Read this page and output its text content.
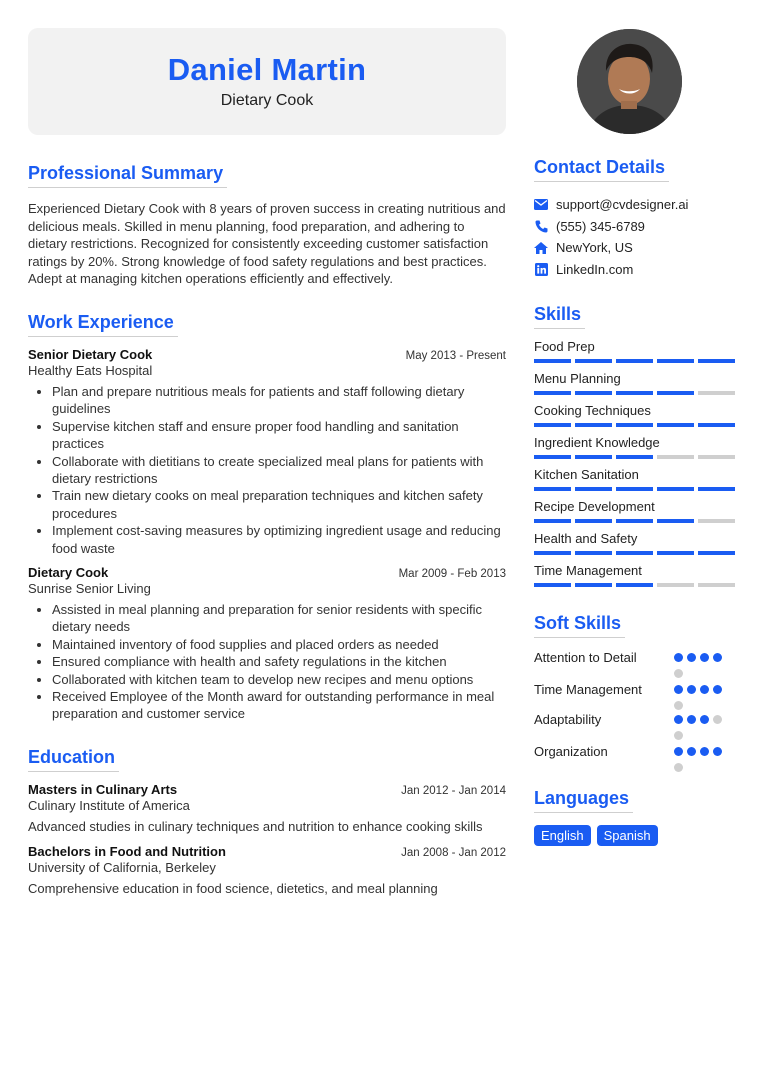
Daniel Martin
Dietary Cook
Professional Summary
Experienced Dietary Cook with 8 years of proven success in creating nutritious and delicious meals. Skilled in menu planning, food preparation, and adhering to dietary restrictions. Recognized for consistently exceeding customer satisfaction ratings by 20%. Strong knowledge of food safety regulations and best practices. Adept at managing kitchen operations efficiently and effectively.
Work Experience
Senior Dietary Cook	May 2013 - Present
Healthy Eats Hospital
• Plan and prepare nutritious meals for patients and staff following dietary guidelines
• Supervise kitchen staff and ensure proper food handling and sanitation practices
• Collaborate with dietitians to create specialized meal plans for patients with dietary restrictions
• Train new dietary cooks on meal preparation techniques and kitchen safety procedures
• Implement cost-saving measures by optimizing ingredient usage and reducing food waste
Dietary Cook	Mar 2009 - Feb 2013
Sunrise Senior Living
• Assisted in meal planning and preparation for senior residents with specific dietary needs
• Maintained inventory of food supplies and placed orders as needed
• Ensured compliance with health and safety regulations in the kitchen
• Collaborated with kitchen team to develop new recipes and menu options
• Received Employee of the Month award for outstanding performance in meal preparation and customer service
Education
Masters in Culinary Arts	Jan 2012 - Jan 2014
Culinary Institute of America
Advanced studies in culinary techniques and nutrition to enhance cooking skills
Bachelors in Food and Nutrition	Jan 2008 - Jan 2012
University of California, Berkeley
Comprehensive education in food science, dietetics, and meal planning
Contact Details
support@cvdesigner.ai
(555) 345-6789
NewYork, US
LinkedIn.com
Skills
Food Prep
Menu Planning
Cooking Techniques
Ingredient Knowledge
Kitchen Sanitation
Recipe Development
Health and Safety
Time Management
Soft Skills
Attention to Detail
Time Management
Adaptability
Organization
Languages
English	Spanish
